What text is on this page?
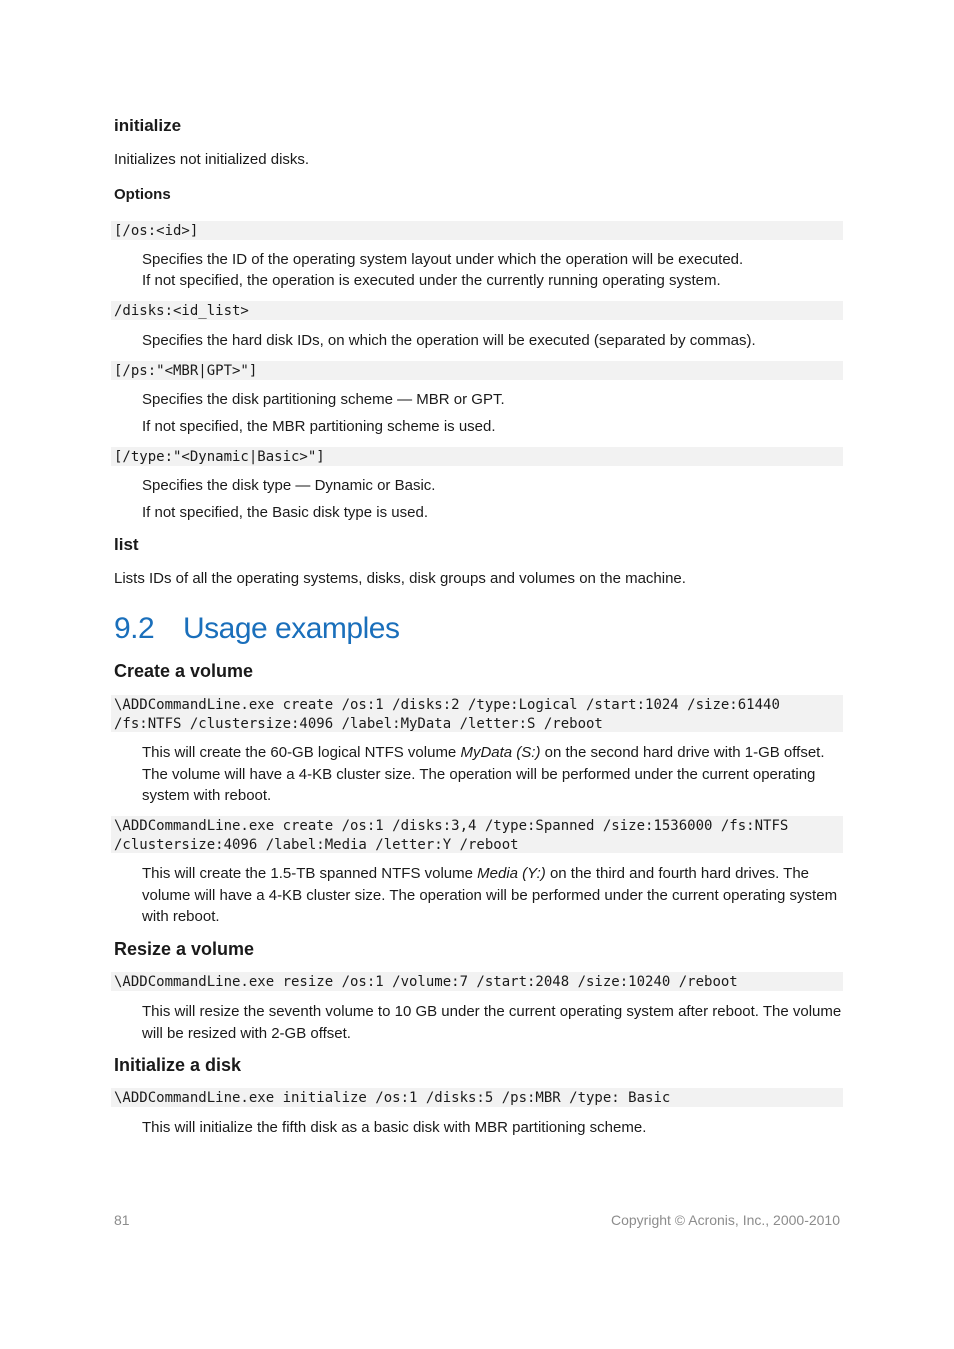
initialize

Initializes not initialized disks.

Options

[/os:<id>]

Specifies the ID of the operating system layout under which the operation will be executed.

If not specified, the operation is executed under the currently running operating system.

/disks:<id_list>

Specifies the hard disk IDs, on which the operation will be executed (separated by commas).

[/ps:"<MBR|GPT>"]

Specifies the disk partitioning scheme — MBR or GPT.

If not specified, the MBR partitioning scheme is used.

[/type:"<Dynamic|Basic>"]

Specifies the disk type — Dynamic or Basic.

If not specified, the Basic disk type is used.

list

Lists IDs of all the operating systems, disks, disk groups and volumes on the machine.

9.2 Usage examples

Create a volume

\ADDCommandLine.exe create /os:1 /disks:2 /type:Logical /start:1024 /size:61440
/fs:NTFS /clustersize:4096 /label:MyData /letter:S /reboot

This will create the 60-GB logical NTFS volume MyData (S:) on the second hard drive with 1-GB offset. The volume will have a 4-KB cluster size. The operation will be performed under the current operating system with reboot.

\ADDCommandLine.exe create /os:1 /disks:3,4 /type:Spanned /size:1536000 /fs:NTFS
/clustersize:4096 /label:Media /letter:Y /reboot

This will create the 1.5-TB spanned NTFS volume Media (Y:) on the third and fourth hard drives. The volume will have a 4-KB cluster size. The operation will be performed under the current operating system with reboot.

Resize a volume

\ADDCommandLine.exe resize /os:1 /volume:7 /start:2048 /size:10240 /reboot

This will resize the seventh volume to 10 GB under the current operating system after reboot. The volume will be resized with 2-GB offset.

Initialize a disk

\ADDCommandLine.exe initialize /os:1 /disks:5 /ps:MBR /type: Basic

This will initialize the fifth disk as a basic disk with MBR partitioning scheme.

81	Copyright © Acronis, Inc., 2000-2010
